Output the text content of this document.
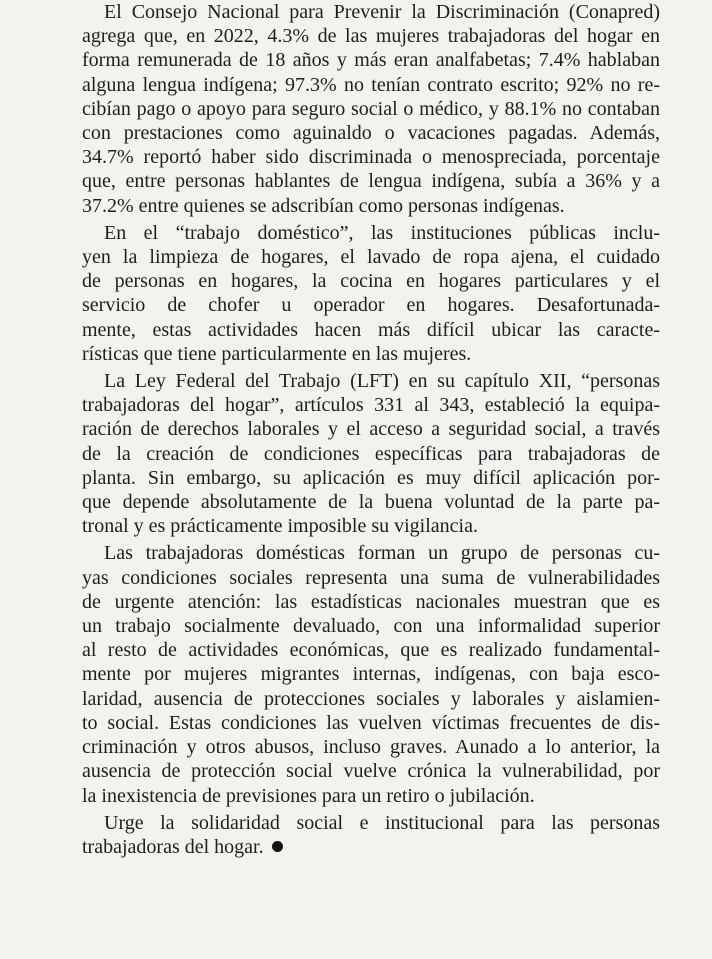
El Consejo Nacional para Prevenir la Discriminación (Conapred)
agrega que, en 2022, 4.3% de las mujeres trabajadoras del hogar en
forma remunerada de 18 años y más eran analfabetas; 7.4% hablaban
alguna lengua indígena; 97.3% no tenían contrato escrito; 92% no re-
cibían pago o apoyo para seguro social o médico, y 88.1% no contaban
con prestaciones como aguinaldo o vacaciones pagadas. Además,
34.7% reportó haber sido discriminada o menospreciada, porcentaje
que, entre personas hablantes de lengua indígena, subía a 36% y a
37.2% entre quienes se adscribían como personas indígenas.

En el “trabajo doméstico”, las instituciones públicas inclu-
yen la limpieza de hogares, el lavado de ropa ajena, el cuidado
de personas en hogares, la cocina en hogares particulares y el
servicio de chofer u operador en hogares. Desafortunada-
mente, estas actividades hacen más difícil ubicar las caracte-
rísticas que tiene particularmente en las mujeres.

La Ley Federal del Trabajo (LFT) en su capítulo XII, “personas
trabajadoras del hogar”, artículos 331 al 343, estableció la equipa-
ración de derechos laborales y el acceso a seguridad social, a través
de la creación de condiciones específicas para trabajadoras de
planta. Sin embargo, su aplicación es muy difícil aplicación por-
que depende absolutamente de la buena voluntad de la parte pa-
tronal y es prácticamente imposible su vigilancia.

Las trabajadoras domésticas forman un grupo de personas cu-
yas condiciones sociales representa una suma de vulnerabilidades
de urgente atención: las estadísticas nacionales muestran que es
un trabajo socialmente devaluado, con una informalidad superior
al resto de actividades económicas, que es realizado fundamental-
mente por mujeres migrantes internas, indígenas, con baja esco-
laridad, ausencia de protecciones sociales y laborales y aislamien-
to social. Estas condiciones las vuelven víctimas frecuentes de dis-
criminación y otros abusos, incluso graves. Aunado a lo anterior, la
ausencia de protección social vuelve crónica la vulnerabilidad, por
la inexistencia de previsiones para un retiro o jubilación.

Urge la solidaridad social e institucional para las personas
trabajadoras del hogar.
